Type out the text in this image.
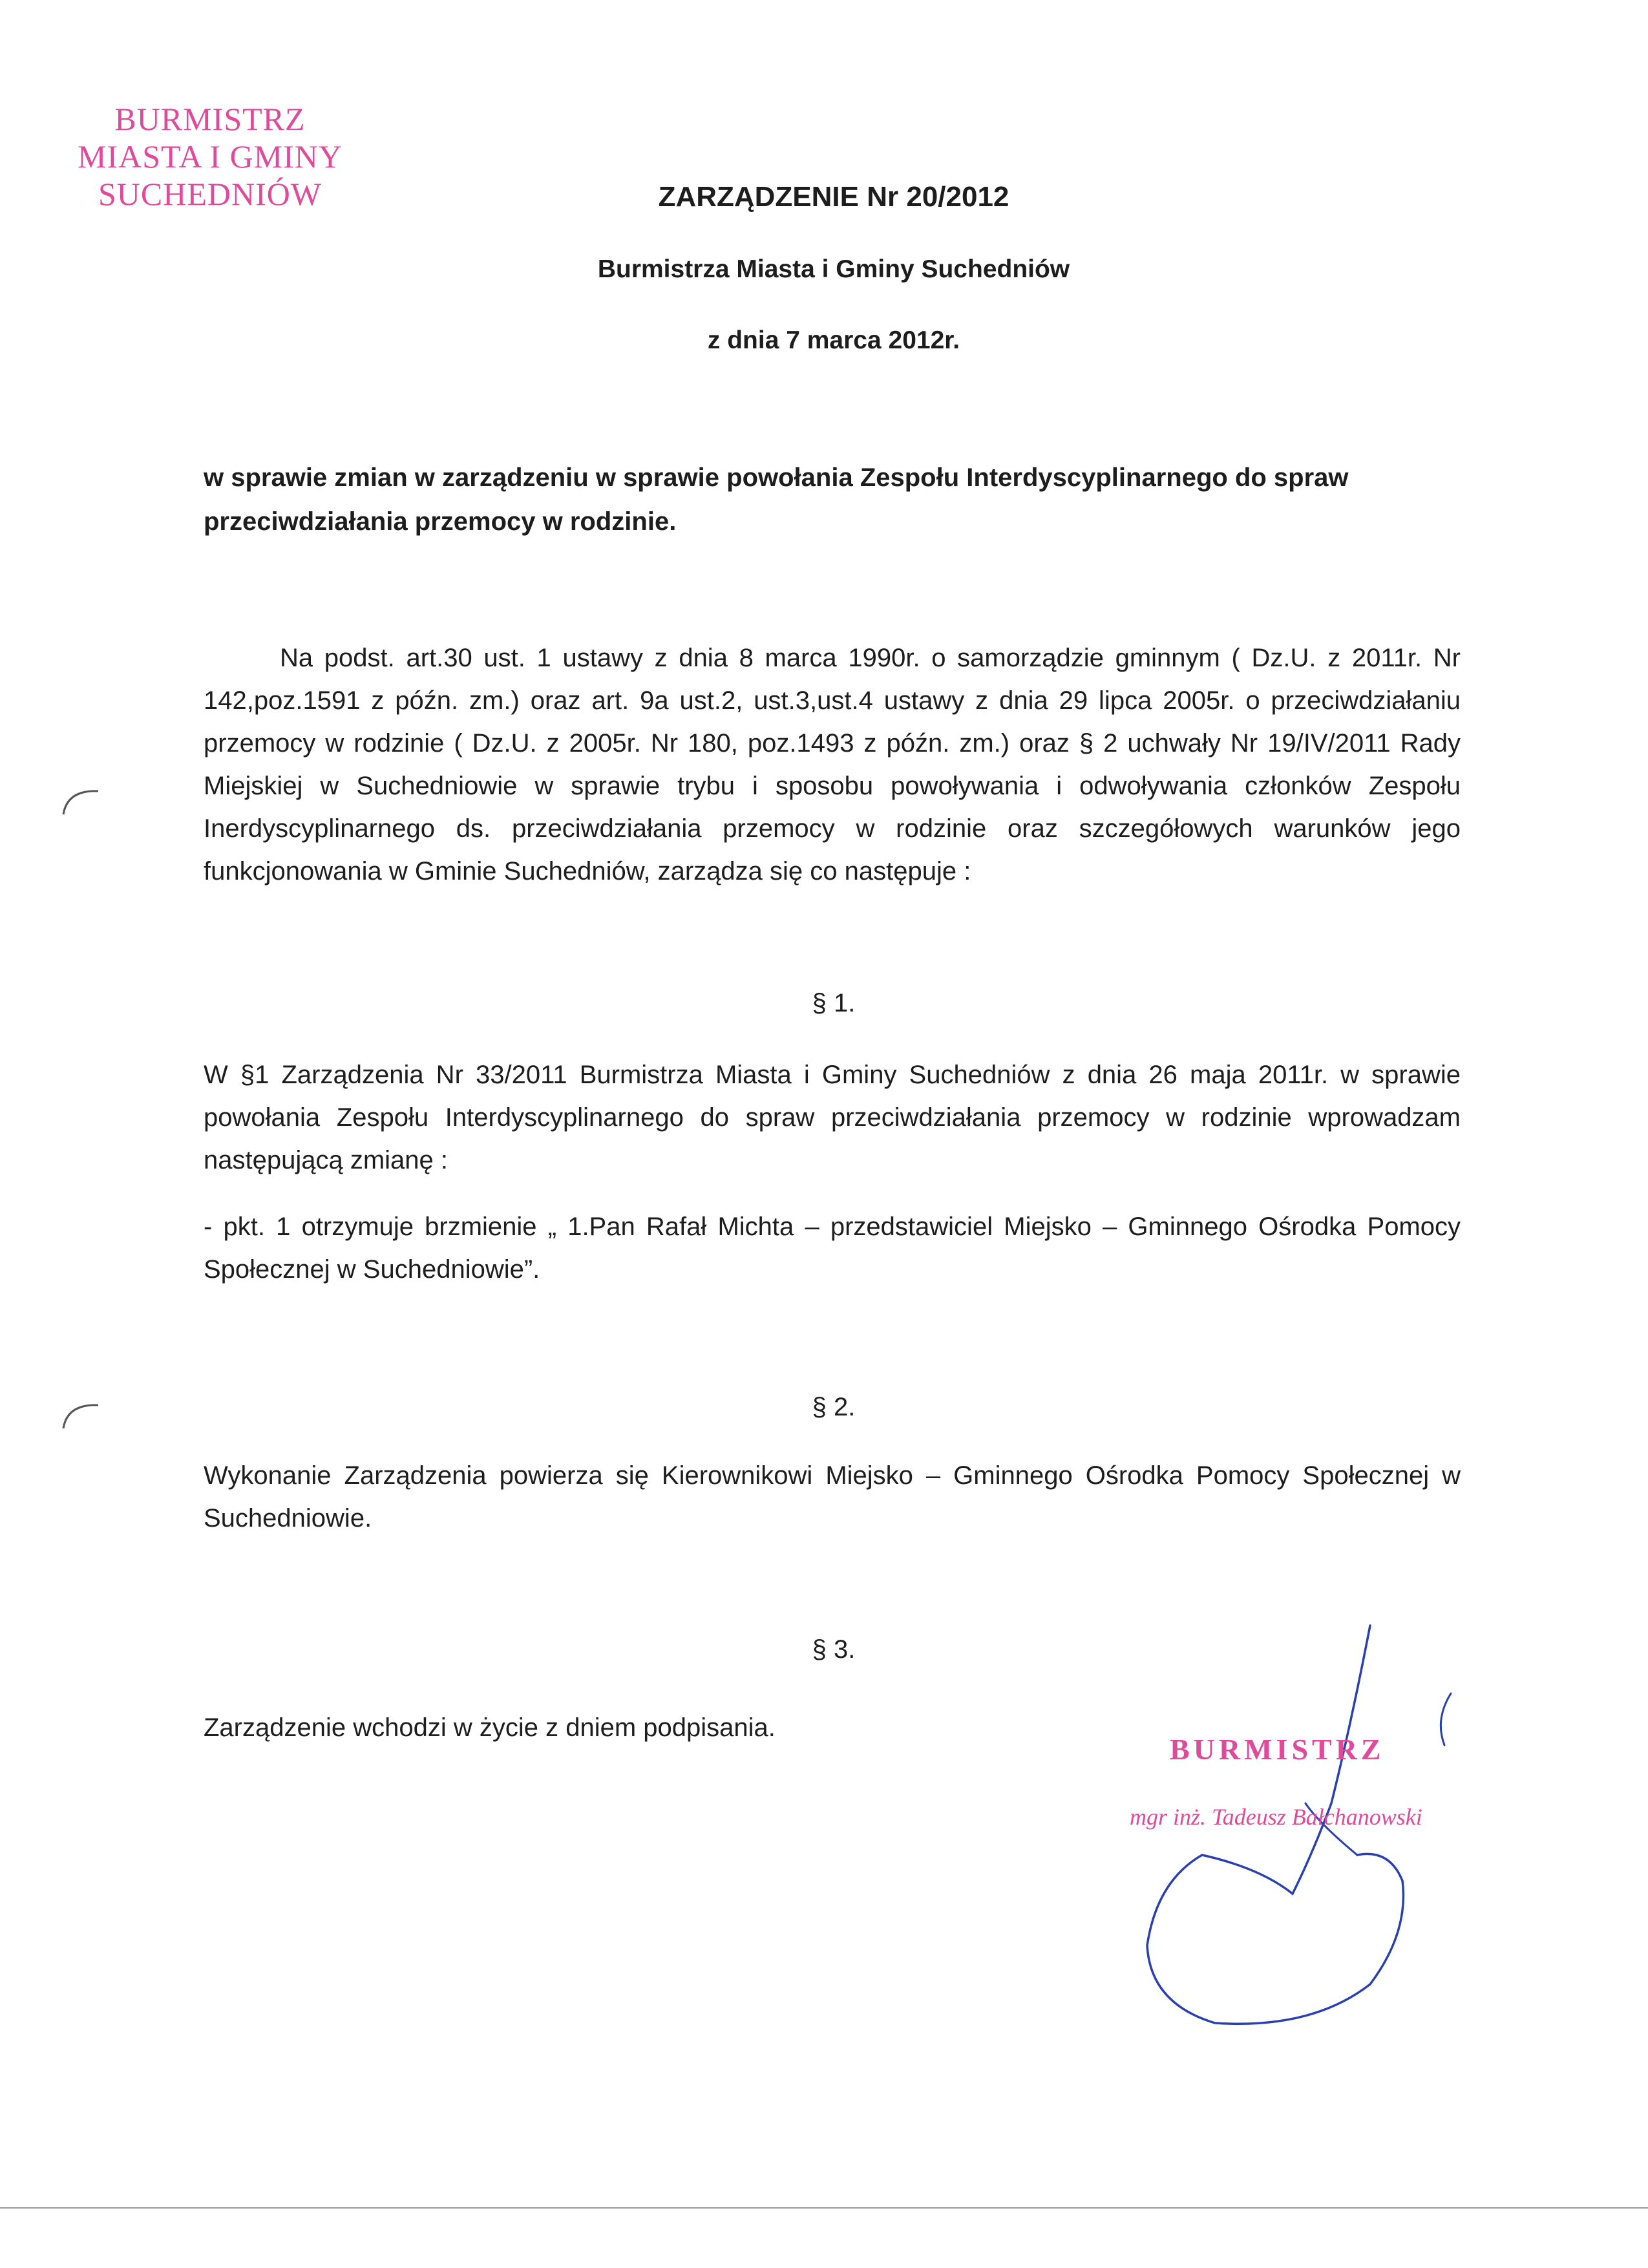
BURMISTRZ
MIASTA I GMINY
SUCHEDNIÓW	ZARZĄDZENIE Nr 20/2012
Burmistrza Miasta i Gminy Suchedniów
z dnia 7 marca 2012r.
w sprawie zmian w zarządzeniu w sprawie powołania Zespołu Interdyscyplinarnego do spraw przeciwdziałania przemocy w rodzinie.
Na podst. art.30 ust. 1 ustawy z dnia 8 marca 1990r. o samorządzie gminnym ( Dz.U. z 2011r. Nr 142,poz.1591 z późn. zm.) oraz art. 9a ust.2, ust.3,ust.4 ustawy z dnia 29 lipca 2005r. o przeciwdziałaniu przemocy w rodzinie ( Dz.U. z 2005r. Nr 180, poz.1493 z późn. zm.) oraz § 2 uchwały Nr 19/IV/2011 Rady Miejskiej w Suchedniowie w sprawie trybu i sposobu powoływania i odwoływania członków Zespołu Inerdyscyplinarnego ds. przeciwdziałania przemocy w rodzinie oraz szczegółowych warunków jego funkcjonowania w Gminie Suchedniów, zarządza się co następuje :
§ 1.
W §1 Zarządzenia Nr 33/2011 Burmistrza Miasta i Gminy Suchedniów z dnia 26 maja 2011r. w sprawie powołania Zespołu Interdyscyplinarnego do spraw przeciwdziałania przemocy w rodzinie wprowadzam następującą zmianę :
- pkt. 1 otrzymuje brzmienie „ 1.Pan Rafał Michta – przedstawiciel Miejsko – Gminnego Ośrodka Pomocy Społecznej w Suchedniowie”.
§ 2.
Wykonanie Zarządzenia powierza się Kierownikowi Miejsko – Gminnego Ośrodka Pomocy Społecznej w Suchedniowie.
§ 3.
Zarządzenie wchodzi w życie z dniem podpisania.
BURMISTRZ
mgr inż. Tadeusz Bałchanowski
